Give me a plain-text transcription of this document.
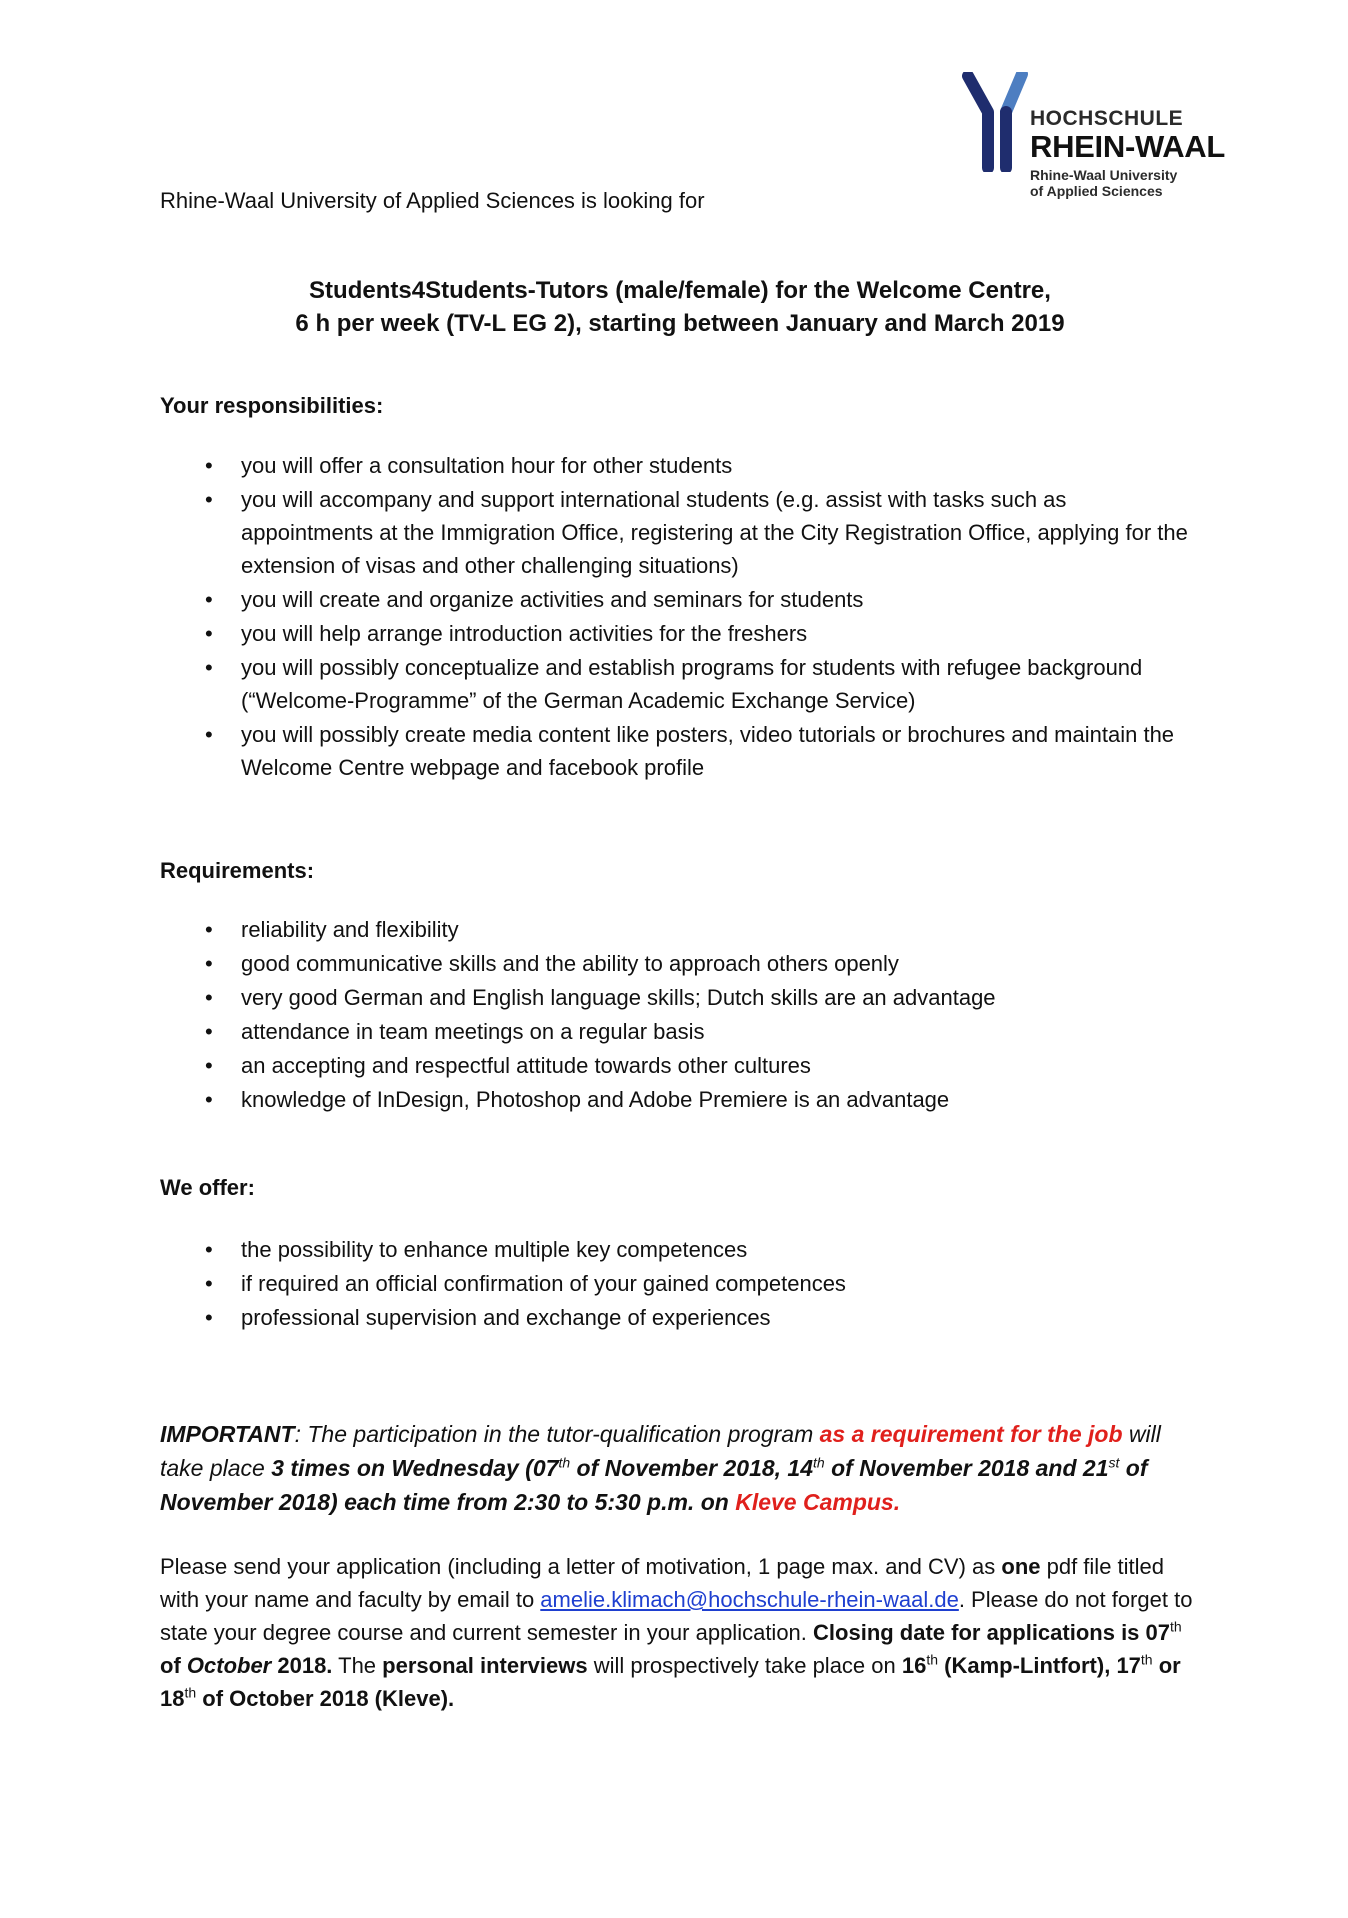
HOCHSCHULE
RHEIN-WAAL
Rhine-Waal University
of Applied Sciences
Rhine-Waal University of Applied Sciences is looking for
Students4Students-Tutors (male/female) for the Welcome Centre,
6 h per week (TV-L EG 2), starting between January and March 2019
Your responsibilities:
• you will offer a consultation hour for other students
• you will accompany and support international students (e.g. assist with tasks such as appointments at the Immigration Office, registering at the City Registration Office, applying for the extension of visas and other challenging situations)
• you will create and organize activities and seminars for students
• you will help arrange introduction activities for the freshers
• you will possibly conceptualize and establish programs for students with refugee background (“Welcome-Programme” of the German Academic Exchange Service)
• you will possibly create media content like posters, video tutorials or brochures and maintain the Welcome Centre webpage and facebook profile
Requirements:
• reliability and flexibility
• good communicative skills and the ability to approach others openly
• very good German and English language skills; Dutch skills are an advantage
• attendance in team meetings on a regular basis
• an accepting and respectful attitude towards other cultures
• knowledge of InDesign, Photoshop and Adobe Premiere is an advantage
We offer:
• the possibility to enhance multiple key competences
• if required an official confirmation of your gained competences
• professional supervision and exchange of experiences
IMPORTANT: The participation in the tutor-qualification program as a requirement for the job will take place 3 times on Wednesday (07th of November 2018, 14th of November 2018 and 21st of November 2018) each time from 2:30 to 5:30 p.m. on Kleve Campus.
Please send your application (including a letter of motivation, 1 page max. and CV) as one pdf file titled with your name and faculty by email to amelie.klimach@hochschule-rhein-waal.de. Please do not forget to state your degree course and current semester in your application. Closing date for applications is 07th of October 2018. The personal interviews will prospectively take place on 16th (Kamp-Lintfort), 17th or 18th of October 2018 (Kleve).
